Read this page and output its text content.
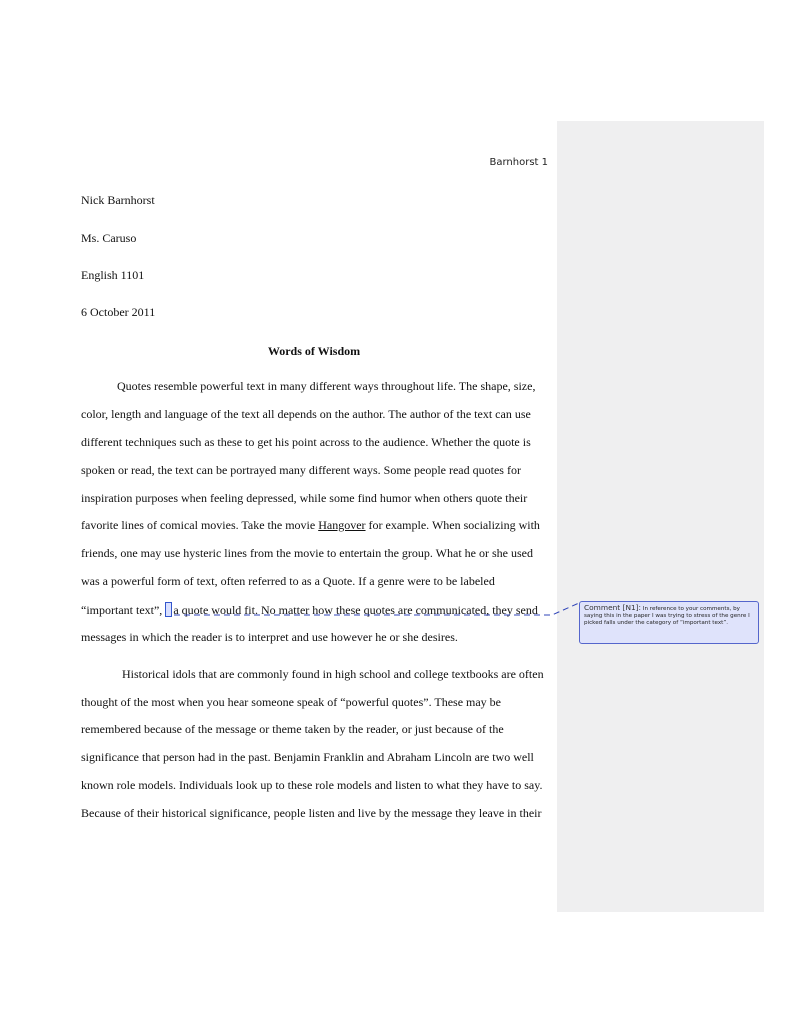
Barnhorst 1
Nick Barnhorst
Ms. Caruso
English 1101
6 October 2011
Words of Wisdom
Quotes resemble powerful text in many different ways throughout life. The shape, size,
color, length and language of the text all depends on the author. The author of the text can use
different techniques such as these to get his point across to the audience. Whether the quote is
spoken or read, the text can be portrayed many different ways. Some people read quotes for
inspiration purposes when feeling depressed, while some find humor when others quote their
favorite lines of comical movies. Take the movie Hangover for example. When socializing with
friends, one may use hysteric lines from the movie to entertain the group. What he or she used
was a powerful form of text, often referred to as a Quote. If a genre were to be labeled
“important text”, a quote would fit. No matter how these quotes are communicated, they send
messages in which the reader is to interpret and use however he or she desires.
Historical idols that are commonly found in high school and college textbooks are often
thought of the most when you hear someone speak of “powerful quotes”. These may be
remembered because of the message or theme taken by the reader, or just because of the
significance that person had in the past. Benjamin Franklin and Abraham Lincoln are two well
known role models. Individuals look up to these role models and listen to what they have to say.
Because of their historical significance, people listen and live by the message they leave in their
Comment [N1]: In reference to your comments, by saying this in the paper I was trying to stress of the genre I picked falls under the category of “important text”.
